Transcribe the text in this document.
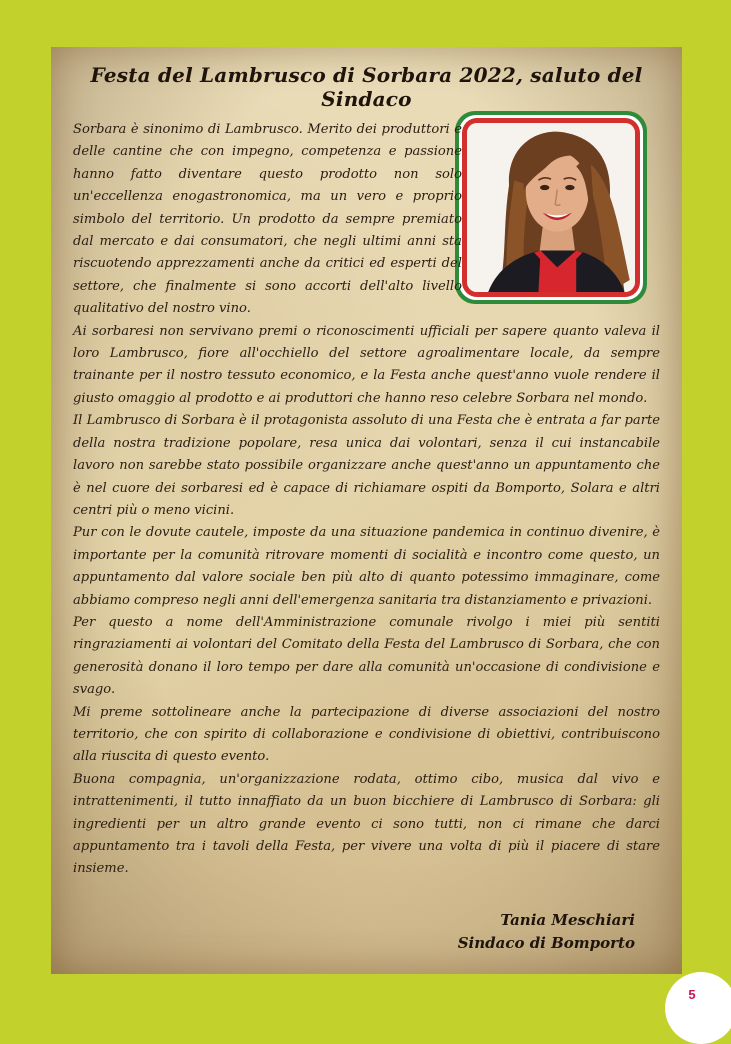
Festa del Lambrusco di Sorbara 2022, saluto del Sindaco

Sorbara è sinonimo di Lambrusco. Merito dei produttori e delle cantine che con impegno, competenza e passione hanno fatto diventare questo prodotto non solo un'eccellenza enogastronomica, ma un vero e proprio simbolo del territorio. Un prodotto da sempre premiato dal mercato e dai consumatori, che negli ultimi anni sta riscuotendo apprezzamenti anche da critici ed esperti del settore, che finalmente si sono accorti dell'alto livello qualitativo del nostro vino.

Ai sorbaresi non servivano premi o riconoscimenti ufficiali per sapere quanto valeva il loro Lambrusco, fiore all'occhiello del settore agroalimentare locale, da sempre trainante per il nostro tessuto economico, e la Festa anche quest'anno vuole rendere il giusto omaggio al prodotto e ai produttori che hanno reso celebre Sorbara nel mondo.

Il Lambrusco di Sorbara è il protagonista assoluto di una Festa che è entrata a far parte della nostra tradizione popolare, resa unica dai volontari, senza il cui instancabile lavoro non sarebbe stato possibile organizzare anche quest'anno un appuntamento che è nel cuore dei sorbaresi ed è capace di richiamare ospiti da Bomporto, Solara e altri centri più o meno vicini.

Pur con le dovute cautele, imposte da una situazione pandemica in continuo divenire, è importante per la comunità ritrovare momenti di socialità e incontro come questo, un appuntamento dal valore sociale ben più alto di quanto potessimo immaginare, come abbiamo compreso negli anni dell'emergenza sanitaria tra distanziamento e privazioni.

Per questo a nome dell'Amministrazione comunale rivolgo i miei più sentiti ringraziamenti ai volontari del Comitato della Festa del Lambrusco di Sorbara, che con generosità donano il loro tempo per dare alla comunità un'occasione di condivisione e svago.

Mi preme sottolineare anche la partecipazione di diverse associazioni del nostro territorio, che con spirito di collaborazione e condivisione di obiettivi, contribuiscono alla riuscita di questo evento.

Buona compagnia, un'organizzazione rodata, ottimo cibo, musica dal vivo e intrattenimenti, il tutto innaffiato da un buon bicchiere di Lambrusco di Sorbara: gli ingredienti per un altro grande evento ci sono tutti, non ci rimane che darci appuntamento tra i tavoli della Festa, per vivere una volta di più il piacere di stare insieme.

Tania Meschiari
Sindaco di Bomporto
5
